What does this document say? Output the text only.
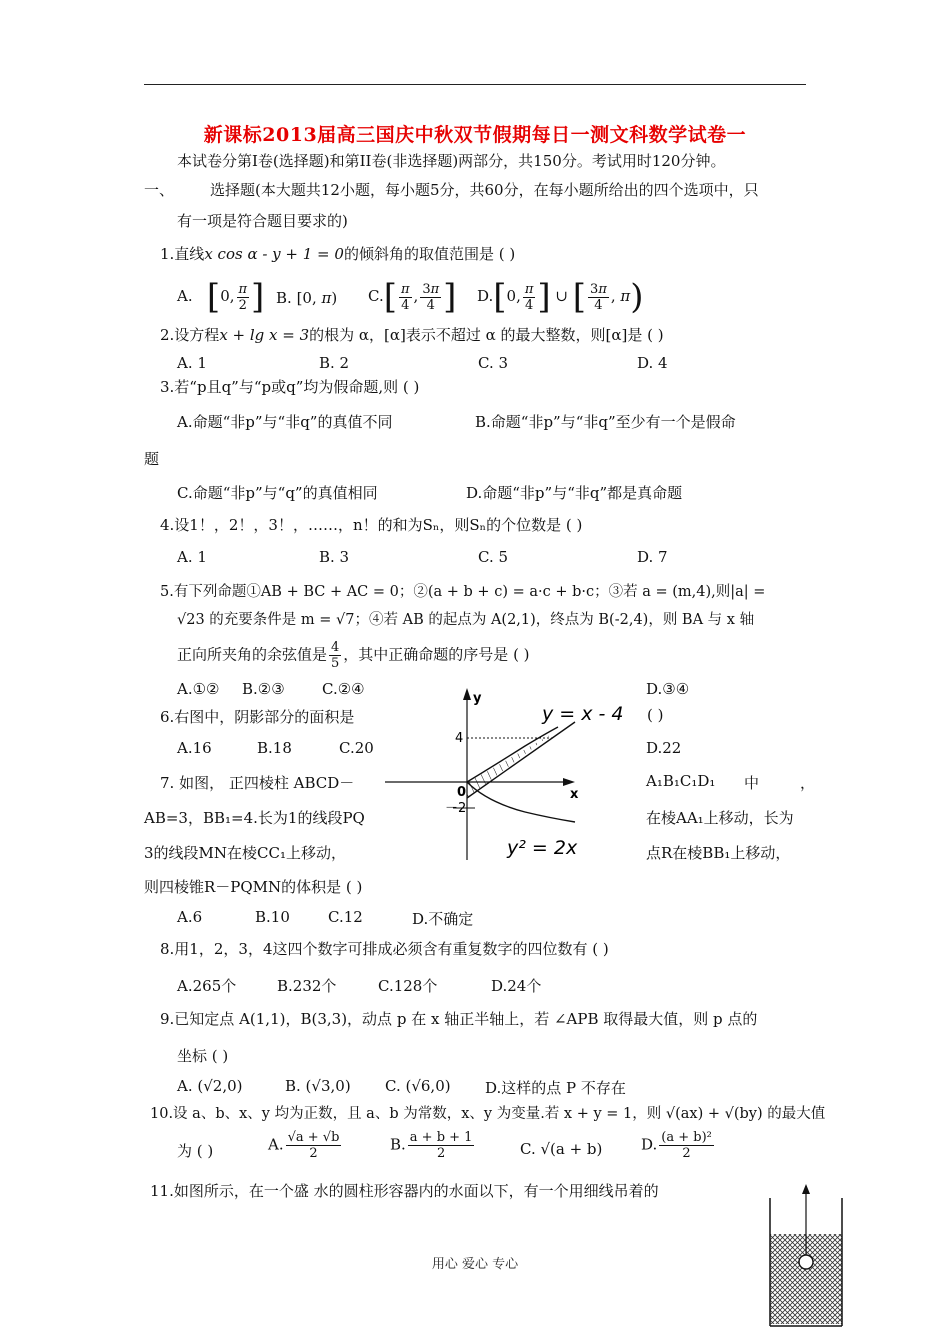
新课标2013届高三国庆中秋双节假期每日一测文科数学试卷一
本试卷分第I卷(选择题)和第II卷(非选择题)两部分，共150分。考试用时120分钟。
一、 选择题(本大题共12小题，每小题5分，共60分，在每小题所给出的四个选项中，只
有一项是符合题目要求的)
1.直线x cos α - y + 1 = 0的倾斜角的取值范围是 ( )
A. [0, $\frac{\pi}{2}$ ] B. [0, π) $C.[ \frac{\pi}{4}$ , $\frac{3\pi}{4}$ ] D.[0, $\frac{\pi}{4}$ ] ∪ [ $\frac{3\pi}{4}$ , π)
2.设方程x + lg x = 3的根为 α，[α]表示不超过 α 的最大整数，则[α]是 ( )
A. 1	B. 2	C. 3	D. 4
3.若“p且q”与“p或q”均为假命题,则 ( )
A.命题“非p”与“非q”的真值不同	B.命题“非p”与“非q”至少有一个是假命
题
C.命题“非p”与“q”的真值相同	D.命题“非p”与“非q”都是真命题
4.设1！，2！，3！，……，n！的和为Sₙ，则Sₙ的个位数是 ( )
A. 1	B. 3	C. 5	D. 7
5.有下列命题①AB + BC + AC = 0；②(a + b + c) = a·c + b·c；③若 a = (m,4),则|a| =
√23 的充要条件是 m = √7；④若 AB 的起点为 A(2,1)，终点为 B(-2,4)，则 BA 与 x 轴
正向所夹角的余弦值是 $\frac{4}{5}$ ，其中正确命题的序号是 ( )
A.①② B.②③ C.②④	D.③④
6.右图中，阴影部分的面积是	( )
A.16	B.18	C.20	D.22
y
x
0
4
－2
y = x - 4
y² = 2x
7. 如图， 正四棱柱 ABCD－	A₁B₁C₁D₁ 中	，
AB=3，BB₁=4.长为1的线段PQ	在棱AA₁上移动，长为
3的线段MN在棱CC₁上移动，	点R在棱BB₁上移动，
则四棱锥R－PQMN的体积是 ( )
A.6	B.10	C.12	D.不确定
8.用1，2，3，4这四个数字可排成必须含有重复数字的四位数有 ( )
A.265个	B.232个	C.128个	D.24个
9.已知定点 A(1,1)，B(3,3)，动点 p 在 x 轴正半轴上，若 ∠APB 取得最大值，则 p 点的
坐标 ( )
A. (√2,0)	B. (√3,0) C. (√6,0) D.这样的点 P 不存在
10.设 a、b、x、y 均为正数，且 a、b 为常数，x、y 为变量.若 x + y = 1，则 √(ax) + √(by) 的最大值
为 ( )	A. $\frac{√a + √b}{2}$	B. $\frac{a + b + 1}{2}$	C. √(a + b)	D. $\frac{\text{(a + b)²}}{2}$
11.如图所示，在一个盛 水的圆柱形容器内的水面以下，有一个用细线吊着的
用心 爱心 专心
